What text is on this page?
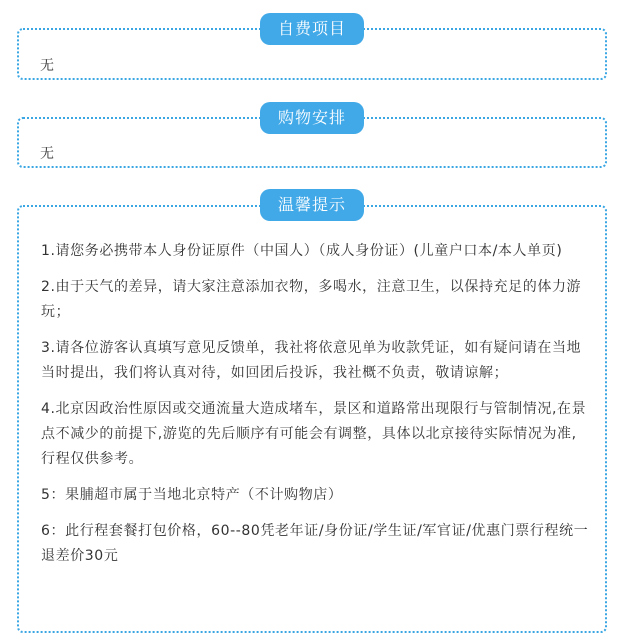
自费项目
无
购物安排
无
温馨提示

1.请您务必携带本人身份证原件（中国人）（成人身份证）(儿童户口本/本人单页)

2.由于天气的差异，请大家注意添加衣物，多喝水，注意卫生，以保持充足的体力游玩；

3.请各位游客认真填写意见反馈单，我社将依意见单为收款凭证，如有疑问请在当地当时提出，我们将认真对待，如回团后投诉，我社概不负责，敬请谅解；

4.北京因政治性原因或交通流量大造成堵车，景区和道路常出现限行与管制情况,在景点不减少的前提下,游览的先后顺序有可能会有调整，具体以北京接待实际情况为准,行程仅供参考。

5：果脯超市属于当地北京特产（不计购物店）

6：此行程套餐打包价格，60--80凭老年证/身份证/学生证/军官证/优惠门票行程统一退差价30元
